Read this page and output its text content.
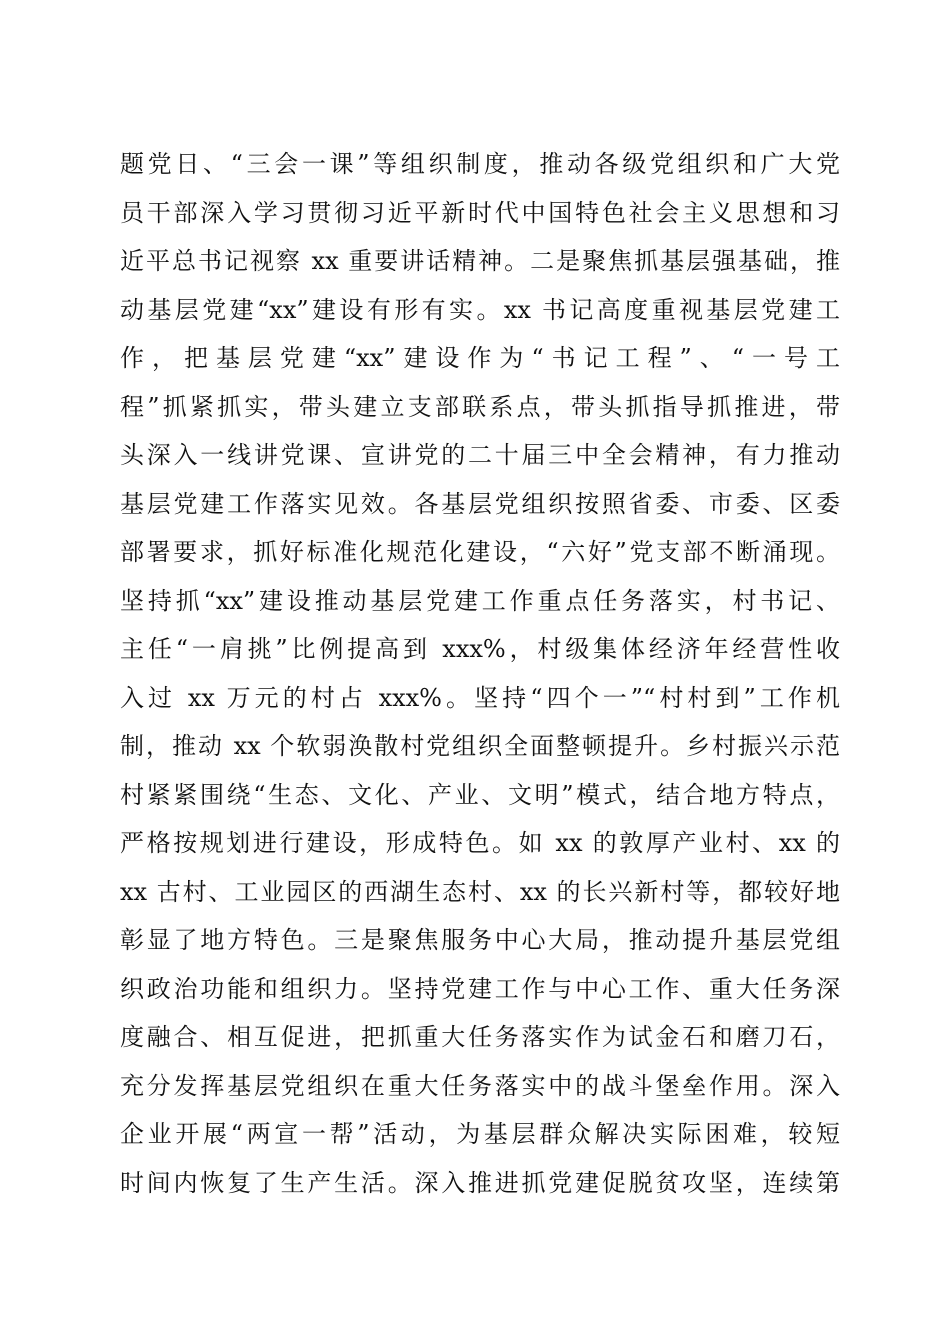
题党日、“三会一课”等组织制度，推动各级党组织和广大党
员干部深入学习贯彻习近平新时代中国特色社会主义思想和习
近平总书记视察 xx 重要讲话精神。二是聚焦抓基层强基础，推
动基层党建“xx”建设有形有实。xx 书记高度重视基层党建工
作，把基层党建“xx”建设作为“书记工程”、“一号工
程”抓紧抓实，带头建立支部联系点，带头抓指导抓推进，带
头深入一线讲党课、宣讲党的二十届三中全会精神，有力推动
基层党建工作落实见效。各基层党组织按照省委、市委、区委
部署要求，抓好标准化规范化建设，“六好”党支部不断涌现。
坚持抓“xx”建设推动基层党建工作重点任务落实，村书记、
主任“一肩挑”比例提高到 xxx%，村级集体经济年经营性收
入过 xx 万元的村占 xxx%。坚持“四个一”“村村到”工作机
制，推动 xx 个软弱涣散村党组织全面整顿提升。乡村振兴示范
村紧紧围绕“生态、文化、产业、文明”模式，结合地方特点，
严格按规划进行建设，形成特色。如 xx 的敦厚产业村、xx 的
xx 古村、工业园区的西湖生态村、xx 的长兴新村等，都较好地
彰显了地方特色。三是聚焦服务中心大局，推动提升基层党组
织政治功能和组织力。坚持党建工作与中心工作、重大任务深
度融合、相互促进，把抓重大任务落实作为试金石和磨刀石，
充分发挥基层党组织在重大任务落实中的战斗堡垒作用。深入
企业开展“两宣一帮”活动，为基层群众解决实际困难，较短
时间内恢复了生产生活。深入推进抓党建促脱贫攻坚，连续第
